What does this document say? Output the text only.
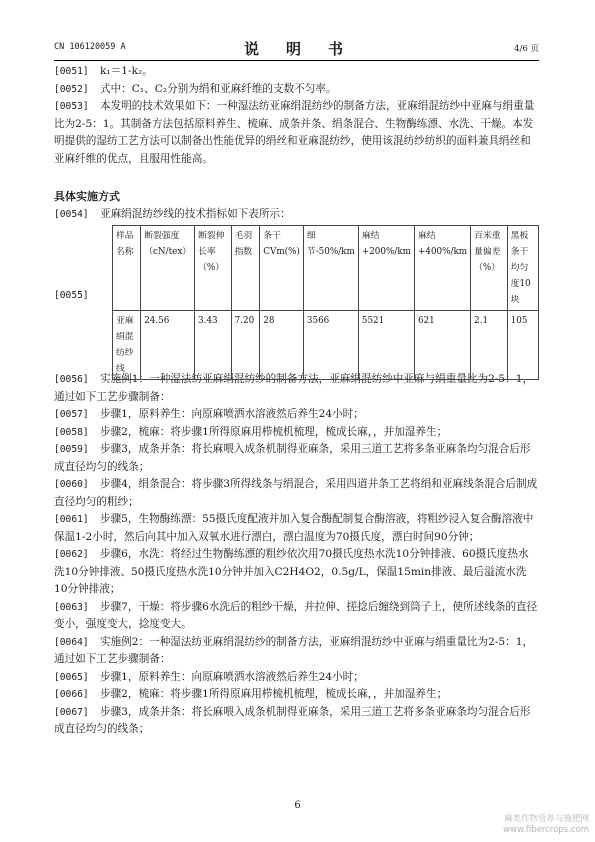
CN 106120059 A	说　明　书	4/6 页
[0051] k₁＝1-k₂。
[0052] 式中：C₁、C₂分别为绢和亚麻纤维的支数不匀率。
[0053] 本发明的技术效果如下：一种湿法纺亚麻绢混纺纱的制备方法，亚麻绢混纺纱中亚麻与绢重量比为2-5：1。其制备方法包括原料养生、梳麻、成条并条、绢条混合、生物酶练漂、水洗、干燥。本发明提供的湿纺工艺方法可以制备出性能优异的绢丝和亚麻混纺纱，使用该混纺纱纺织的面料兼具绢丝和亚麻纤维的优点，且服用性能高。
具体实施方式
[0054] 亚麻绢混纺纱线的技术指标如下表所示：
[0055]
样品名称	断裂强度（cN/tex）	断裂伸长率（%）	毛羽指数	条干CVm(%)	细节-50%/km	麻结+200%/km	麻结+400%/km	百米重量偏差（%）	黑板条干均匀度10块
亚麻绢混纺纱线	24.56	3.43	7.20	28	3566	5521	621	2.1	105
[0056] 实施例1：一种湿法纺亚麻绢混纺纱的制备方法，亚麻绢混纺纱中亚麻与绢重量比为2-5：1，通过如下工艺步骤制备：
[0057] 步骤1，原料养生：向原麻喷洒水溶液然后养生24小时；
[0058] 步骤2，梳麻：将步骤1所得原麻用栉梳机梳理，梳成长麻，，并加湿养生；
[0059] 步骤3，成条并条：将长麻喂入成条机制得亚麻条，采用三道工艺将多条亚麻条均匀混合后形成直径均匀的线条；
[0060] 步骤4，绢条混合：将步骤3所得线条与绢混合，采用四道并条工艺将绢和亚麻线条混合后制成直径均匀的粗纱；
[0061] 步骤5，生物酶练漂：55摄氏度配液并加入复合酶配制复合酶溶液，将粗纱浸入复合酶溶液中保温1-2小时，然后向其中加入双氧水进行漂白，漂白温度为70摄氏度，漂白时间90分钟；
[0062] 步骤6，水洗：将经过生物酶练漂的粗纱依次用70摄氏度热水洗10分钟排液、60摄氏度热水洗10分钟排液、50摄氏度热水洗10分钟并加入C2H4O2，0.5g/L，保温15min排液、最后溢流水洗10分钟排液；
[0063] 步骤7，干燥：将步骤6水洗后的粗纱干燥，并拉伸、搓捻后缠绕到筒子上，使所述线条的直径变小，强度变大，捻度变大。
[0064] 实施例2：一种湿法纺亚麻绢混纺纱的制备方法，亚麻绢混纺纱中亚麻与绢重量比为2-5：1，通过如下工艺步骤制备：
[0065] 步骤1，原料养生：向原麻喷洒水溶液然后养生24小时；
[0066] 步骤2，梳麻：将步骤1所得原麻用栉梳机梳理，梳成长麻，，并加湿养生；
[0067] 步骤3，成条并条：将长麻喂入成条机制得亚麻条，采用三道工艺将多条亚麻条均匀混合后形成直径均匀的线条；
6
麻类作物营养与施肥网
www.fibercrops.com
